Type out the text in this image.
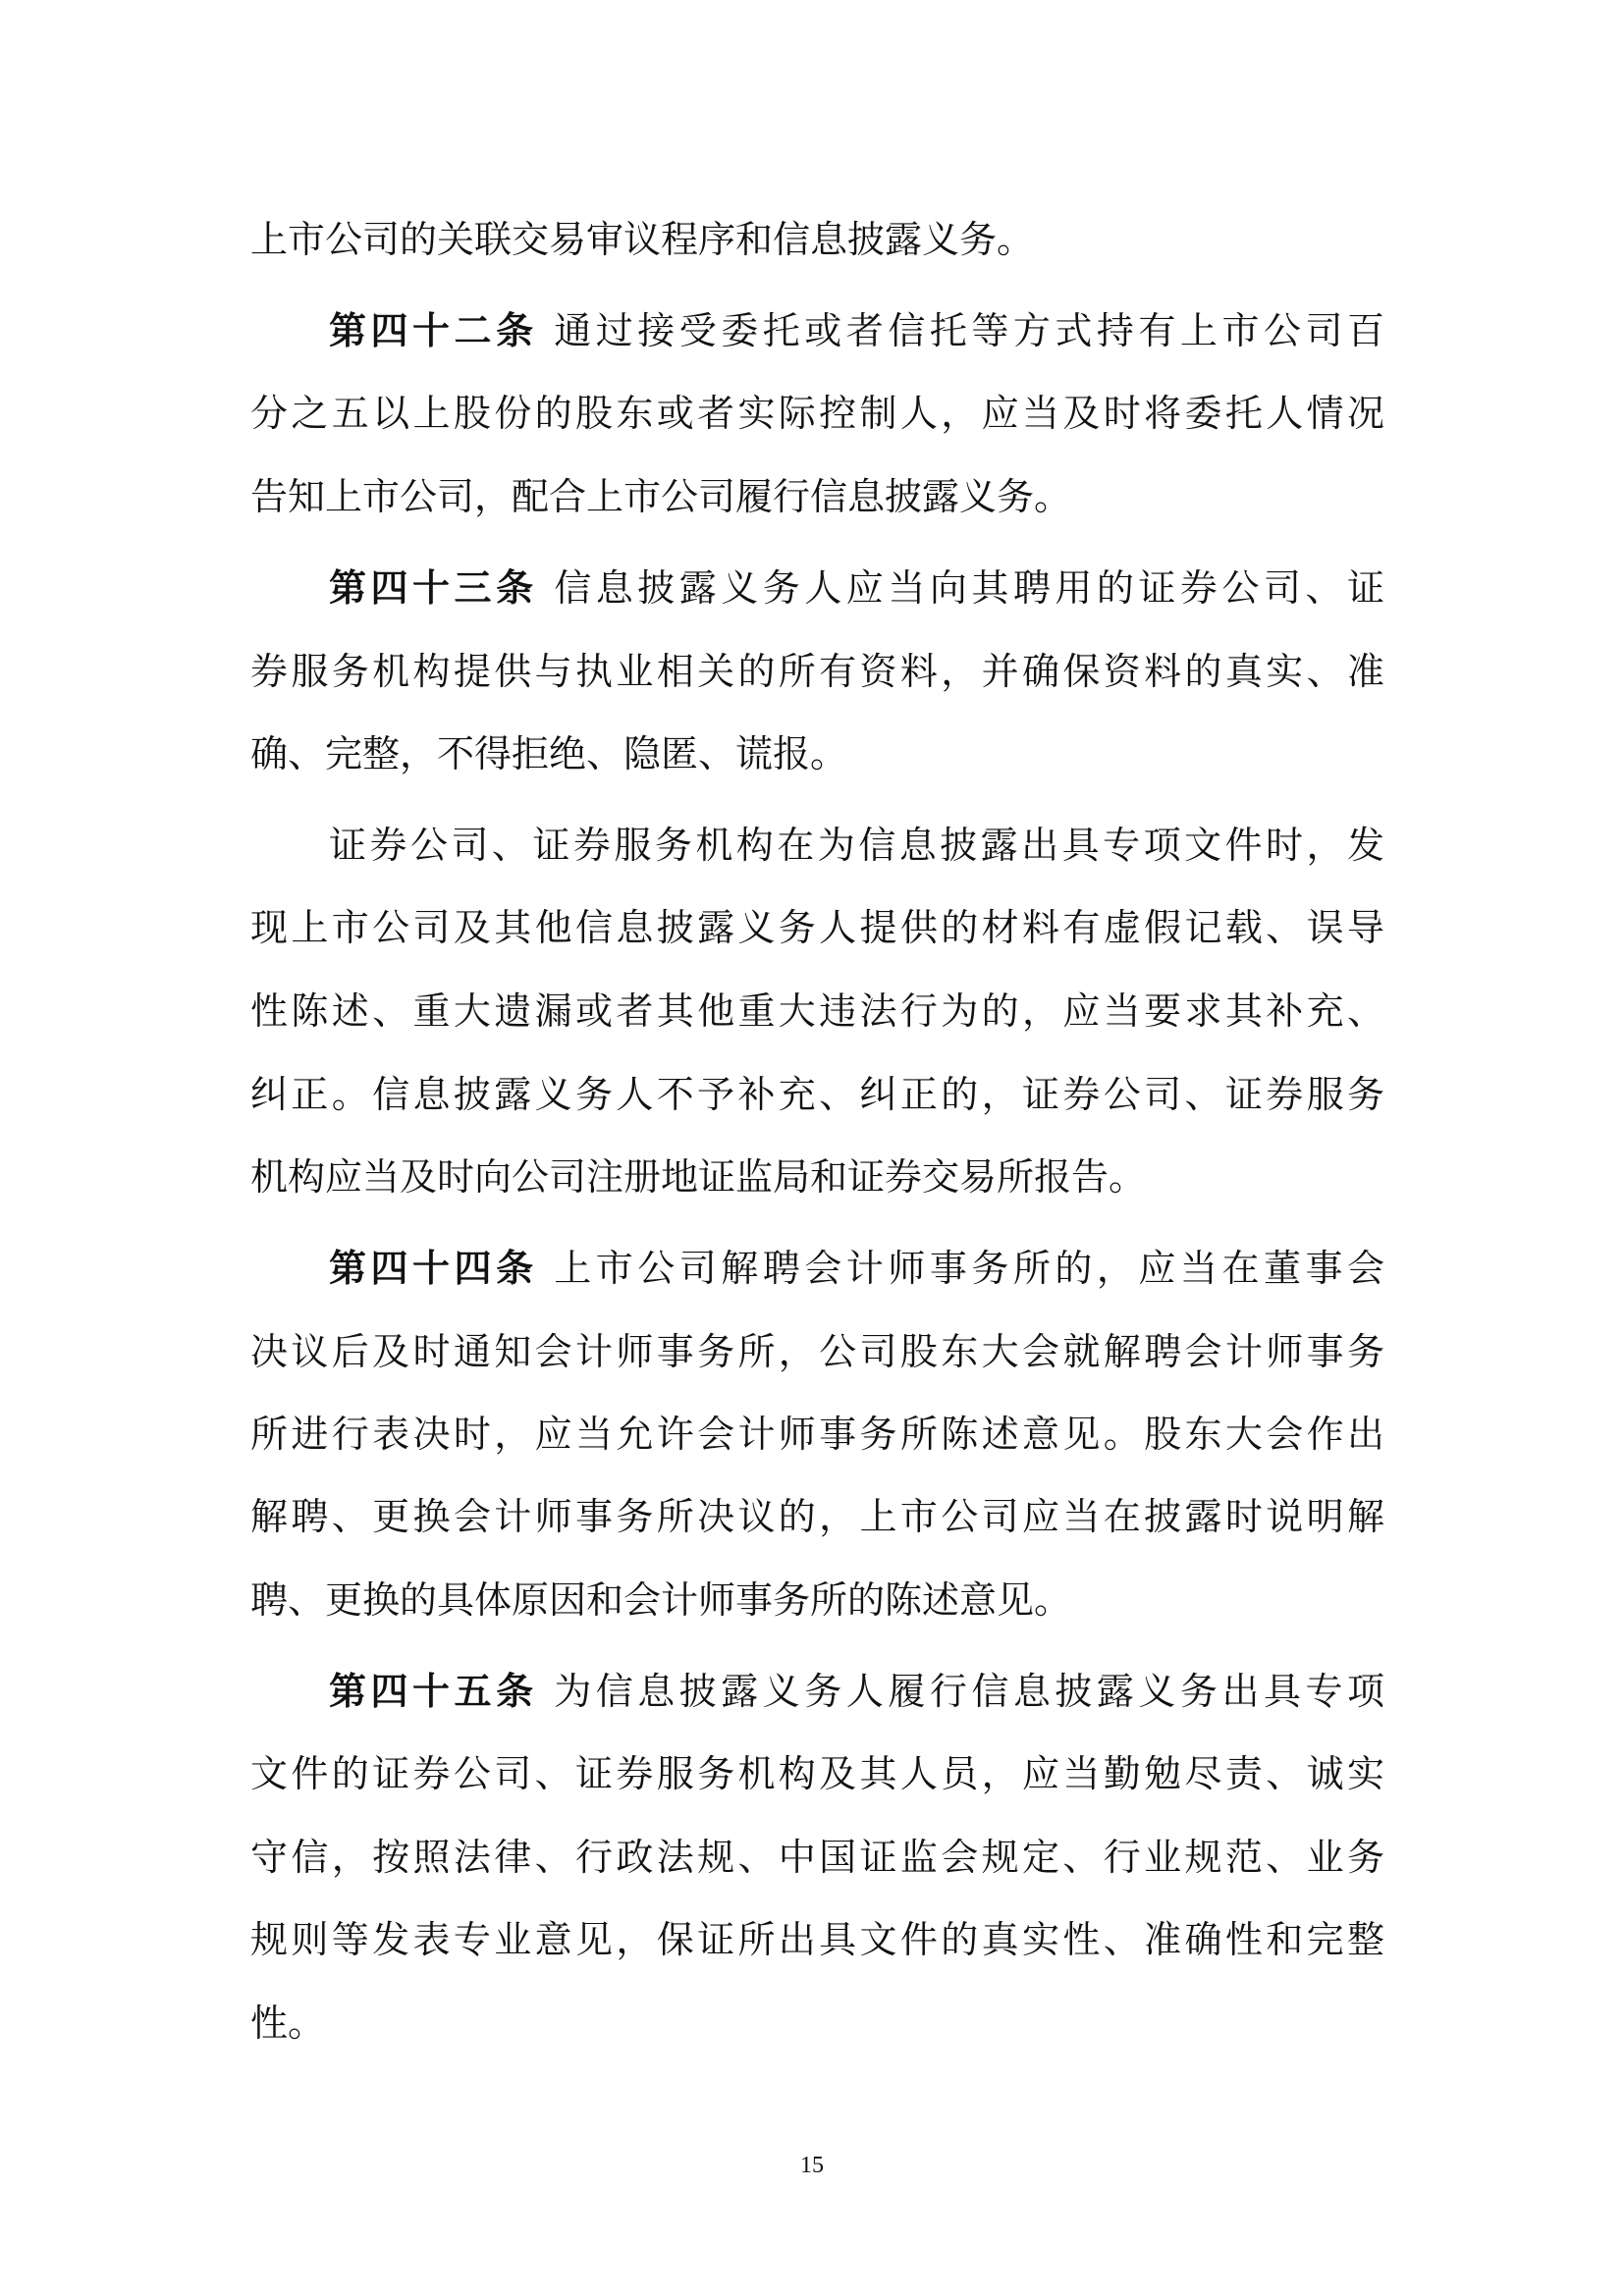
上市公司的关联交易审议程序和信息披露义务。
第四十二条 通过接受委托或者信托等方式持有上市公司百
分之五以上股份的股东或者实际控制人，应当及时将委托人情况
告知上市公司，配合上市公司履行信息披露义务。
第四十三条 信息披露义务人应当向其聘用的证券公司、证
券服务机构提供与执业相关的所有资料，并确保资料的真实、准
确、完整，不得拒绝、隐匿、谎报。
证券公司、证券服务机构在为信息披露出具专项文件时，发
现上市公司及其他信息披露义务人提供的材料有虚假记载、误导
性陈述、重大遗漏或者其他重大违法行为的，应当要求其补充、
纠正。信息披露义务人不予补充、纠正的，证券公司、证券服务
机构应当及时向公司注册地证监局和证券交易所报告。
第四十四条 上市公司解聘会计师事务所的，应当在董事会
决议后及时通知会计师事务所，公司股东大会就解聘会计师事务
所进行表决时，应当允许会计师事务所陈述意见。股东大会作出
解聘、更换会计师事务所决议的，上市公司应当在披露时说明解
聘、更换的具体原因和会计师事务所的陈述意见。
第四十五条 为信息披露义务人履行信息披露义务出具专项
文件的证券公司、证券服务机构及其人员，应当勤勉尽责、诚实
守信，按照法律、行政法规、中国证监会规定、行业规范、业务
规则等发表专业意见，保证所出具文件的真实性、准确性和完整
性。
15
